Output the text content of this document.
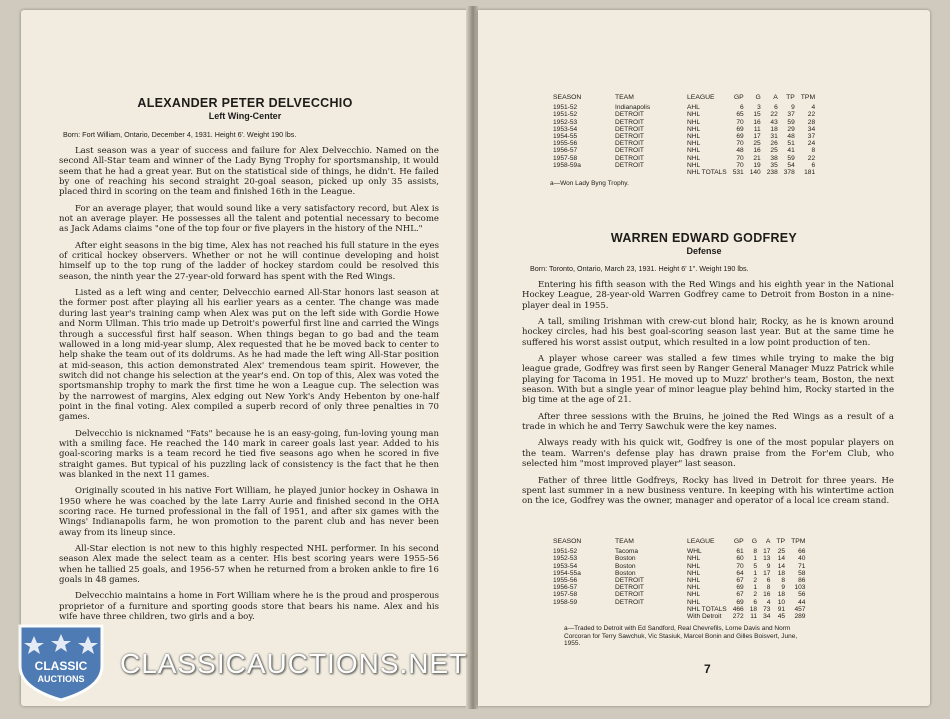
ALEXANDER PETER DELVECCHIO
Left Wing-Center
Born: Fort William, Ontario, December 4, 1931. Height 6'. Weight 190 lbs.

Last season was a year of success and failure for Alex Delvecchio. Named on the second All-Star team and winner of the Lady Byng Trophy for sportsmanship, it would seem that he had a great year. But on the statistical side of things, he didn't. He failed by one of reaching his second straight 20-goal season, picked up only 35 assists, placed third in scoring on the team and finished 16th in the League.

For an average player, that would sound like a very satisfactory record, but Alex is not an average player. He possesses all the talent and potential necessary to become as Jack Adams claims "one of the top four or five players in the history of the NHL."

After eight seasons in the big time, Alex has not reached his full stature in the eyes of critical hockey observers. Whether or not he will continue developing and hoist himself up to the top rung of the ladder of hockey stardom could be resolved this season, the ninth year the 27-year-old forward has spent with the Red Wings.

Listed as a left wing and center, Delvecchio earned All-Star honors last season at the former post after playing all his earlier years as a center. The change was made during last year's training camp when Alex was put on the left side with Gordie Howe and Norm Ullman. This trio made up Detroit's powerful first line and carried the Wings through a successful first half season. When things began to go bad and the team wallowed in a long mid-year slump, Alex requested that he be moved back to center to help shake the team out of its doldrums. As he had made the left wing All-Star position at mid-season, this action demonstrated Alex' tremendous team spirit. However, the switch did not change his selection at the year's end. On top of this, Alex was voted the sportsmanship trophy to mark the first time he won a League cup. The selection was by the narrowest of margins, Alex edging out New York's Andy Hebenton by one-half point in the final voting. Alex compiled a superb record of only three penalties in 70 games.

Delvecchio is nicknamed "Fats" because he is an easy-going, fun-loving young man with a smiling face. He reached the 140 mark in career goals last year. Added to his goal-scoring marks is a team record he tied five seasons ago when he scored in five straight games. But typical of his puzzling lack of consistency is the fact that he then was blanked in the next 11 games.

Originally scouted in his native Fort William, he played junior hockey in Oshawa in 1950 where he was coached by the late Larry Aurie and finished second in the OHA scoring race. He turned professional in the fall of 1951, and after six games with the Wings' Indianapolis farm, he won promotion to the parent club and has never been away from its lineup since.

All-Star election is not new to this highly respected NHL performer. In his second season Alex made the select team as a center. His best scoring years were 1955-56 when he tallied 25 goals, and 1956-57 when he returned from a broken ankle to fire 16 goals in 48 games.

Delvecchio maintains a home in Fort William where he is the proud and prosperous proprietor of a furniture and sporting goods store that bears his name. Alex and his wife have three children, two girls and a boy.

SEASON	TEAM	LEAGUE	GP	G	A	TP	TPM
1951-52	Indianapolis	AHL	6	3	6	9	4
1951-52	DETROIT	NHL	65	15	22	37	22
1952-53	DETROIT	NHL	70	16	43	59	28
1953-54	DETROIT	NHL	69	11	18	29	34
1954-55	DETROIT	NHL	69	17	31	48	37
1955-56	DETROIT	NHL	70	25	26	51	24
1956-57	DETROIT	NHL	48	16	25	41	8
1957-58	DETROIT	NHL	70	21	38	59	22
1958-59a	DETROIT	NHL	70	19	35	54	6
		NHL TOTALS	531	140	238	378	181
a—Won Lady Byng Trophy.
WARREN EDWARD GODFREY
Defense
Born: Toronto, Ontario, March 23, 1931. Height 6' 1". Weight 190 lbs.

Entering his fifth season with the Red Wings and his eighth year in the National Hockey League, 28-year-old Warren Godfrey came to Detroit from Boston in a nine-player deal in 1955.

A tall, smiling Irishman with crew-cut blond hair, Rocky, as he is known around hockey circles, had his best goal-scoring season last year. But at the same time he suffered his worst assist output, which resulted in a low point production of ten.

A player whose career was stalled a few times while trying to make the big league grade, Godfrey was first seen by Ranger General Manager Muzz Patrick while playing for Tacoma in 1951. He moved up to Muzz' brother's team, Boston, the next season. With but a single year of minor league play behind him, Rocky started in the big time at the age of 21.

After three sessions with the Bruins, he joined the Red Wings as a result of a trade in which he and Terry Sawchuk were the key names.

Always ready with his quick wit, Godfrey is one of the most popular players on the team. Warren's defense play has drawn praise from the For'em Club, who selected him "most improved player" last season.

Father of three little Godfreys, Rocky has lived in Detroit for three years. He spent last summer in a new business venture. In keeping with his wintertime action on the ice, Godfrey was the owner, manager and operator of a local ice cream stand.

SEASON	TEAM	LEAGUE	GP	G	A	TP	TPM
1951-52	Tacoma	WHL	61	8	17	25	66
1952-53	Boston	NHL	60	1	13	14	40
1953-54	Boston	NHL	70	5	9	14	71
1954-55a	Boston	NHL	64	1	17	18	58
1955-56	DETROIT	NHL	67	2	6	8	86
1956-57	DETROIT	NHL	69	1	8	9	103
1957-58	DETROIT	NHL	67	2	16	18	56
1958-59	DETROIT	NHL	69	6	4	10	44
		NHL TOTALS	466	18	73	91	457
		With Detroit	272	11	34	45	289
a—Traded to Detroit with Ed Sandford, Real Chevrefils, Lorne Davis and Norm Corcoran for Terry Sawchuk, Vic Stasiuk, Marcel Bonin and Gilles Boisvert, June, 1955.
7
CLASSIC
AUCTIONS CLASSICAUCTIONS.NET
